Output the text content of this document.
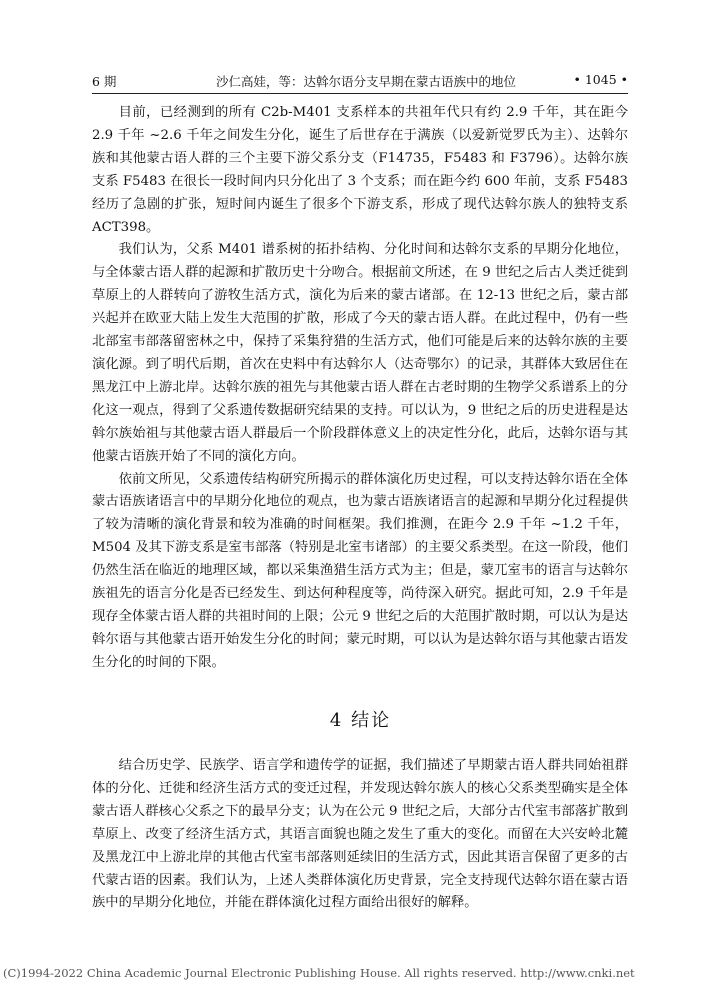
6 期	沙仁高娃，等：达斡尔语分支早期在蒙古语族中的地位	• 1045 •

目前，已经测到的所有 C2b-M401 支系样本的共祖年代只有约 2.9 千年，其在距今 2.9 千年 ~2.6 千年之间发生分化，诞生了后世存在于满族（以爱新觉罗氏为主）、达斡尔族和其他蒙古语人群的三个主要下游父系分支（F14735，F5483 和 F3796）。达斡尔族支系 F5483 在很长一段时间内只分化出了 3 个支系；而在距今约 600 年前，支系 F5483 经历了急剧的扩张，短时间内诞生了很多个下游支系，形成了现代达斡尔族人的独特支系 ACT398。

我们认为，父系 M401 谱系树的拓扑结构、分化时间和达斡尔支系的早期分化地位，与全体蒙古语人群的起源和扩散历史十分吻合。根据前文所述，在 9 世纪之后古人类迁徙到草原上的人群转向了游牧生活方式，演化为后来的蒙古诸部。在 12-13 世纪之后，蒙古部兴起并在欧亚大陆上发生大范围的扩散，形成了今天的蒙古语人群。在此过程中，仍有一些北部室韦部落留密林之中，保持了采集狩猎的生活方式，他们可能是后来的达斡尔族的主要演化源。到了明代后期，首次在史料中有达斡尔人（达奇鄂尔）的记录，其群体大致居住在黑龙江中上游北岸。达斡尔族的祖先与其他蒙古语人群在古老时期的生物学父系谱系上的分化这一观点，得到了父系遗传数据研究结果的支持。可以认为，9 世纪之后的历史进程是达斡尔族始祖与其他蒙古语人群最后一个阶段群体意义上的决定性分化，此后，达斡尔语与其他蒙古语族开始了不同的演化方向。

依前文所见，父系遗传结构研究所揭示的群体演化历史过程，可以支持达斡尔语在全体蒙古语族诸语言中的早期分化地位的观点，也为蒙古语族诸语言的起源和早期分化过程提供了较为清晰的演化背景和较为准确的时间框架。我们推测，在距今 2.9 千年 ~1.2 千年，M504 及其下游支系是室韦部落（特别是北室韦诸部）的主要父系类型。在这一阶段，他们仍然生活在临近的地理区域，都以采集渔猎生活方式为主；但是，蒙兀室韦的语言与达斡尔族祖先的语言分化是否已经发生、到达何种程度等，尚待深入研究。据此可知，2.9 千年是现存全体蒙古语人群的共祖时间的上限；公元 9 世纪之后的大范围扩散时期，可以认为是达斡尔语与其他蒙古语开始发生分化的时间；蒙元时期，可以认为是达斡尔语与其他蒙古语发生分化的时间的下限。

4 结论

结合历史学、民族学、语言学和遗传学的证据，我们描述了早期蒙古语人群共同始祖群体的分化、迁徙和经济生活方式的变迁过程，并发现达斡尔族人的核心父系类型确实是全体蒙古语人群核心父系之下的最早分支；认为在公元 9 世纪之后，大部分古代室韦部落扩散到草原上、改变了经济生活方式，其语言面貌也随之发生了重大的变化。而留在大兴安岭北麓及黑龙江中上游北岸的其他古代室韦部落则延续旧的生活方式，因此其语言保留了更多的古代蒙古语的因素。我们认为，上述人类群体演化历史背景，完全支持现代达斡尔语在蒙古语族中的早期分化地位，并能在群体演化过程方面给出很好的解释。

(C)1994-2022 China Academic Journal Electronic Publishing House. All rights reserved. http://www.cnki.net
